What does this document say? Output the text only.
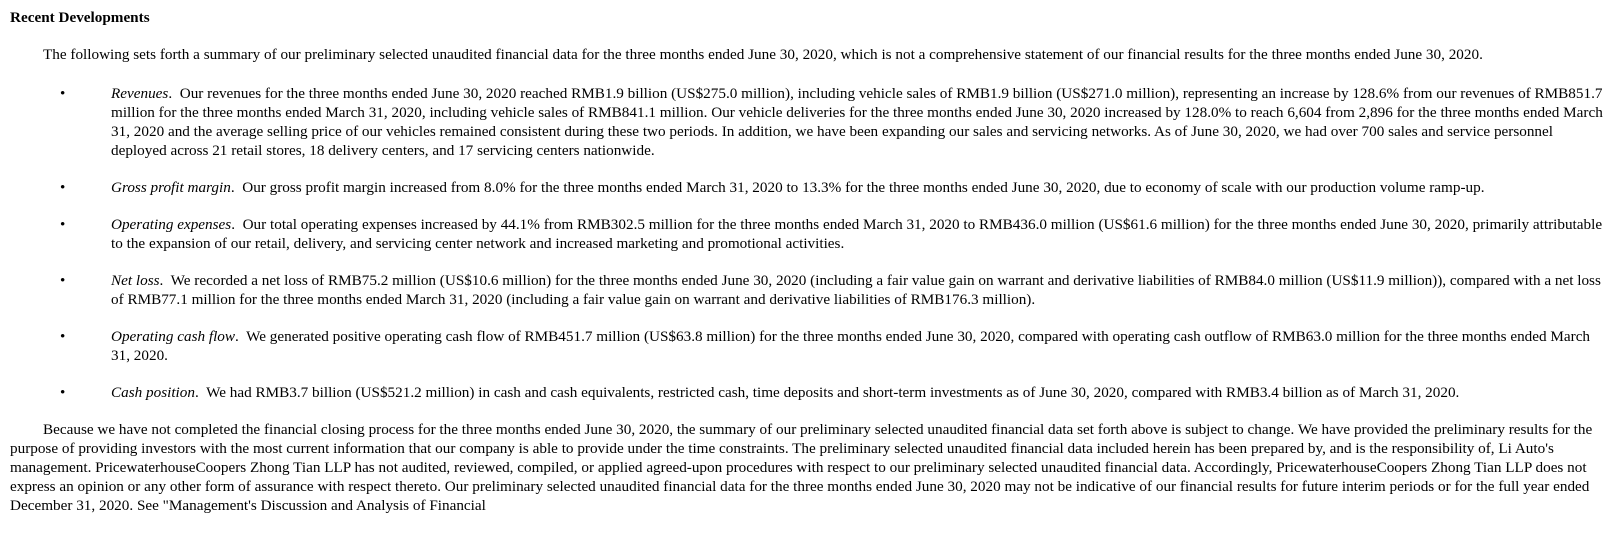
Recent Developments

The following sets forth a summary of our preliminary selected unaudited financial data for the three months ended June 30, 2020, which is not a comprehensive statement of our financial results for the three months ended June 30, 2020.

•	Revenues.  Our revenues for the three months ended June 30, 2020 reached RMB1.9 billion (US$275.0 million), including vehicle sales of RMB1.9 billion (US$271.0 million), representing an increase by 128.6% from our revenues of RMB851.7 million for the three months ended March 31, 2020, including vehicle sales of RMB841.1 million. Our vehicle deliveries for the three months ended June 30, 2020 increased by 128.0% to reach 6,604 from 2,896 for the three months ended March 31, 2020 and the average selling price of our vehicles remained consistent during these two periods. In addition, we have been expanding our sales and servicing networks. As of June 30, 2020, we had over 700 sales and service personnel deployed across 21 retail stores, 18 delivery centers, and 17 servicing centers nationwide.
•	Gross profit margin.  Our gross profit margin increased from 8.0% for the three months ended March 31, 2020 to 13.3% for the three months ended June 30, 2020, due to economy of scale with our production volume ramp-up.
•	Operating expenses.  Our total operating expenses increased by 44.1% from RMB302.5 million for the three months ended March 31, 2020 to RMB436.0 million (US$61.6 million) for the three months ended June 30, 2020, primarily attributable to the expansion of our retail, delivery, and servicing center network and increased marketing and promotional activities.
•	Net loss.  We recorded a net loss of RMB75.2 million (US$10.6 million) for the three months ended June 30, 2020 (including a fair value gain on warrant and derivative liabilities of RMB84.0 million (US$11.9 million)), compared with a net loss of RMB77.1 million for the three months ended March 31, 2020 (including a fair value gain on warrant and derivative liabilities of RMB176.3 million).
•	Operating cash flow.  We generated positive operating cash flow of RMB451.7 million (US$63.8 million) for the three months ended June 30, 2020, compared with operating cash outflow of RMB63.0 million for the three months ended March 31, 2020.
•	Cash position.  We had RMB3.7 billion (US$521.2 million) in cash and cash equivalents, restricted cash, time deposits and short-term investments as of June 30, 2020, compared with RMB3.4 billion as of March 31, 2020.

Because we have not completed the financial closing process for the three months ended June 30, 2020, the summary of our preliminary selected unaudited financial data set forth above is subject to change. We have provided the preliminary results for the purpose of providing investors with the most current information that our company is able to provide under the time constraints. The preliminary selected unaudited financial data included herein has been prepared by, and is the responsibility of, Li Auto's management. PricewaterhouseCoopers Zhong Tian LLP has not audited, reviewed, compiled, or applied agreed-upon procedures with respect to our preliminary selected unaudited financial data. Accordingly, PricewaterhouseCoopers Zhong Tian LLP does not express an opinion or any other form of assurance with respect thereto. Our preliminary selected unaudited financial data for the three months ended June 30, 2020 may not be indicative of our financial results for future interim periods or for the full year ended December 31, 2020. See "Management's Discussion and Analysis of Financial
